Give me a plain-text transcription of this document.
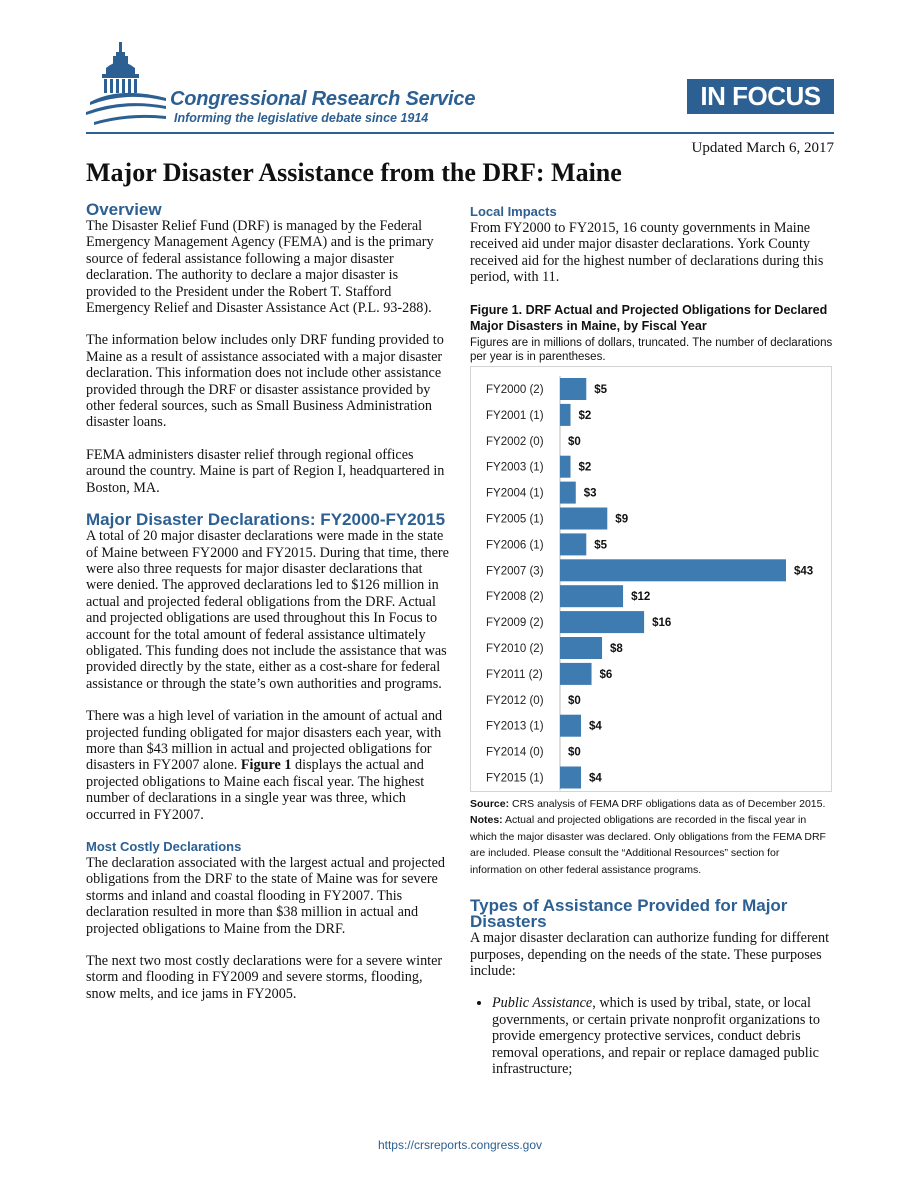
Congressional Research Service
Informing the legislative debate since 1914
IN FOCUS
Updated March 6, 2017
Major Disaster Assistance from the DRF: Maine
Overview

The Disaster Relief Fund (DRF) is managed by the Federal Emergency Management Agency (FEMA) and is the primary source of federal assistance following a major disaster declaration. The authority to declare a major disaster is provided to the President under the Robert T. Stafford Emergency Relief and Disaster Assistance Act (P.L. 93-288).

The information below includes only DRF funding provided to Maine as a result of assistance associated with a major disaster declaration. This information does not include other assistance provided through the DRF or disaster assistance provided by other federal sources, such as Small Business Administration disaster loans.

FEMA administers disaster relief through regional offices around the country. Maine is part of Region I, headquartered in Boston, MA.

Major Disaster Declarations: FY2000-FY2015

A total of 20 major disaster declarations were made in the state of Maine between FY2000 and FY2015. During that time, there were also three requests for major disaster declarations that were denied. The approved declarations led to $126 million in actual and projected federal obligations from the DRF. Actual and projected obligations are used throughout this In Focus to account for the total amount of federal assistance ultimately obligated. This funding does not include the assistance that was provided directly by the state, either as a cost-share for federal assistance or through the state’s own authorities and programs.

There was a high level of variation in the amount of actual and projected funding obligated for major disasters each year, with more than $43 million in actual and projected obligations for disasters in FY2007 alone. Figure 1 displays the actual and projected obligations to Maine each fiscal year. The highest number of declarations in a single year was three, which occurred in FY2007.

Most Costly Declarations

The declaration associated with the largest actual and projected obligations from the DRF to the state of Maine was for severe storms and inland and coastal flooding in FY2007. This declaration resulted in more than $38 million in actual and projected obligations to Maine from the DRF.

The next two most costly declarations were for a severe winter storm and flooding in FY2009 and severe storms, flooding, snow melts, and ice jams in FY2005.

Local Impacts

From FY2000 to FY2015, 16 county governments in Maine received aid under major disaster declarations. York County received aid for the highest number of declarations during this period, with 11.

Figure 1. DRF Actual and Projected Obligations for Declared Major Disasters in Maine, by Fiscal Year
Figures are in millions of dollars, truncated. The number of declarations per year is in parentheses.
FY2000 (2)	$5
FY2001 (1)	$2
FY2002 (0) $0
FY2003 (1)	$2
FY2004 (1)	$3
FY2005 (1)	$9
FY2006 (1)	$5
FY2007 (3)	$43
FY2008 (2)	$12
FY2009 (2)	$16
FY2010 (2)	$8
FY2011 (2)	$6
FY2012 (0) $0
FY2013 (1)	$4
FY2014 (0) $0
FY2015 (1)	$4

Source: CRS analysis of FEMA DRF obligations data as of December 2015.

Notes: Actual and projected obligations are recorded in the fiscal year in which the major disaster was declared. Only obligations from the FEMA DRF are included. Please consult the “Additional Resources” section for information on other federal assistance programs.

Types of Assistance Provided for Major Disasters

A major disaster declaration can authorize funding for different purposes, depending on the needs of the state. These purposes include:

• Public Assistance, which is used by tribal, state, or local governments, or certain private nonprofit organizations to provide emergency protective services, conduct debris removal operations, and repair or replace damaged public infrastructure;
https://crsreports.congress.gov
